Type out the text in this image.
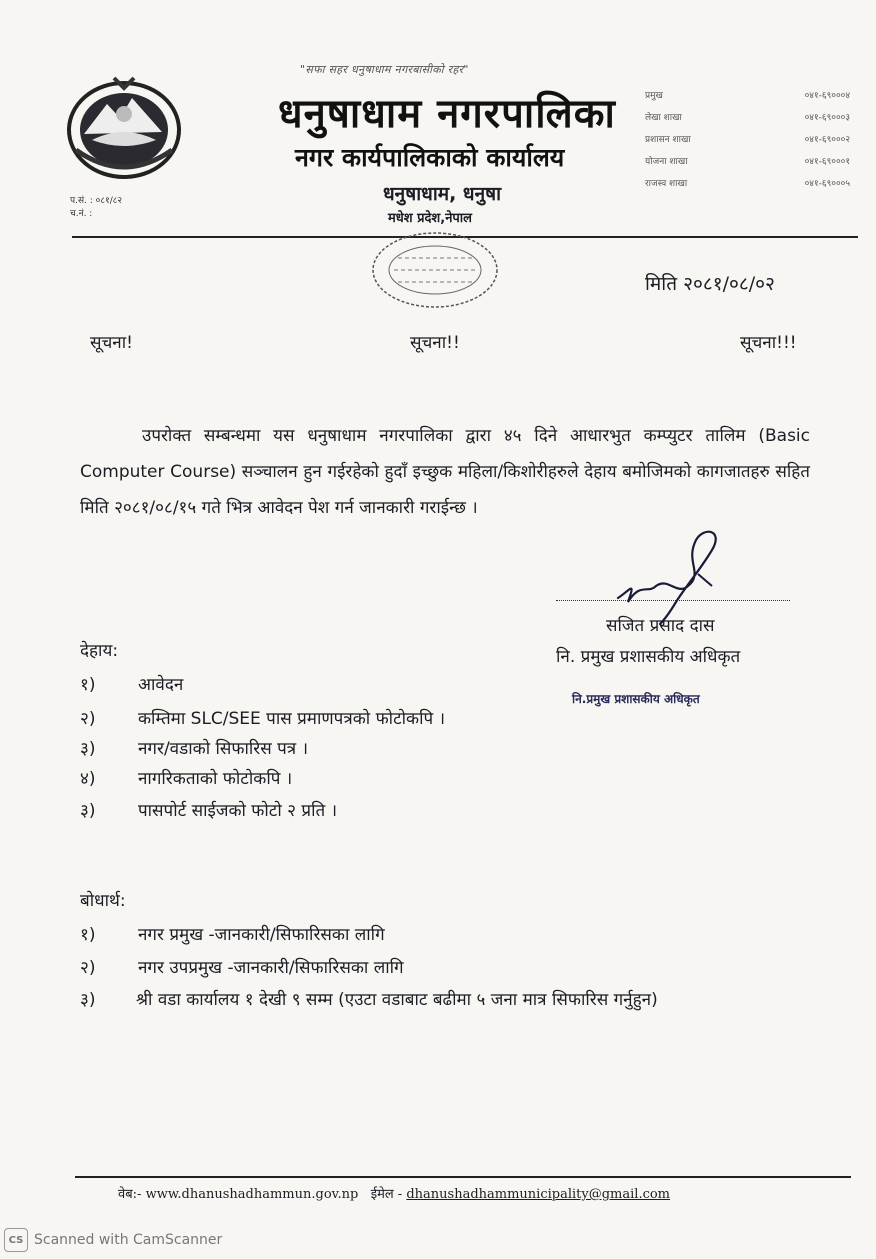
"सफा सहर धनुषाधाम नगरबासीको रहर"
धनुषाधाम नगरपालिका
नगर कार्यपालिकाको कार्यालय
धनुषाधाम, धनुषा
मधेश प्रदेश,नेपाल
प.सं. : ०८१/८२
च.नं. :
प्रमुख	०४१-६९०००४
लेखा शाखा	०४१-६९०००३
प्रशासन शाखा	०४१-६९०००२
योजना शाखा	०४१-६९०००१
राजस्व शाखा	०४१-६९०००५
मिति २०८१/०८/०२
सूचना!	सूचना!!	सूचना!!!
उपरोक्त सम्बन्धमा यस धनुषाधाम नगरपालिका द्वारा ४५ दिने आधारभुत कम्प्युटर तालिम (Basic Computer Course) सञ्चालन हुन गईरहेको हुदाँ इच्छुक महिला/किशोरीहरुले देहाय बमोजिमको कागजातहरु सहित मिति २०८१/०८/१५ गते भित्र आवेदन पेश गर्न जानकारी गराईन्छ ।
सजित प्रसाद दास
नि. प्रमुख प्रशासकीय अधिकृत
नि.प्रमुख प्रशासकीय अधिकृत
देहाय:
१)	आवेदन
२)	कम्तिमा SLC/SEE पास प्रमाणपत्रको फोटोकपि ।
३)	नगर/वडाको सिफारिस पत्र ।
४)	नागरिकताको फोटोकपि ।
३)	पासपोर्ट साईजको फोटो २ प्रति ।
बोधार्थ:
१)	नगर प्रमुख -जानकारी/सिफारिसका लागि
२)	नगर उपप्रमुख -जानकारी/सिफारिसका लागि
३) श्री वडा कार्यालय १ देखी ९ सम्म (एउटा वडाबाट बढीमा ५ जना मात्र सिफारिस गर्नुहुन)
वेब:- www.dhanushadhammun.gov.np ईमेल - dhanushadhammunicipality@gmail.com
CS Scanned with CamScanner
